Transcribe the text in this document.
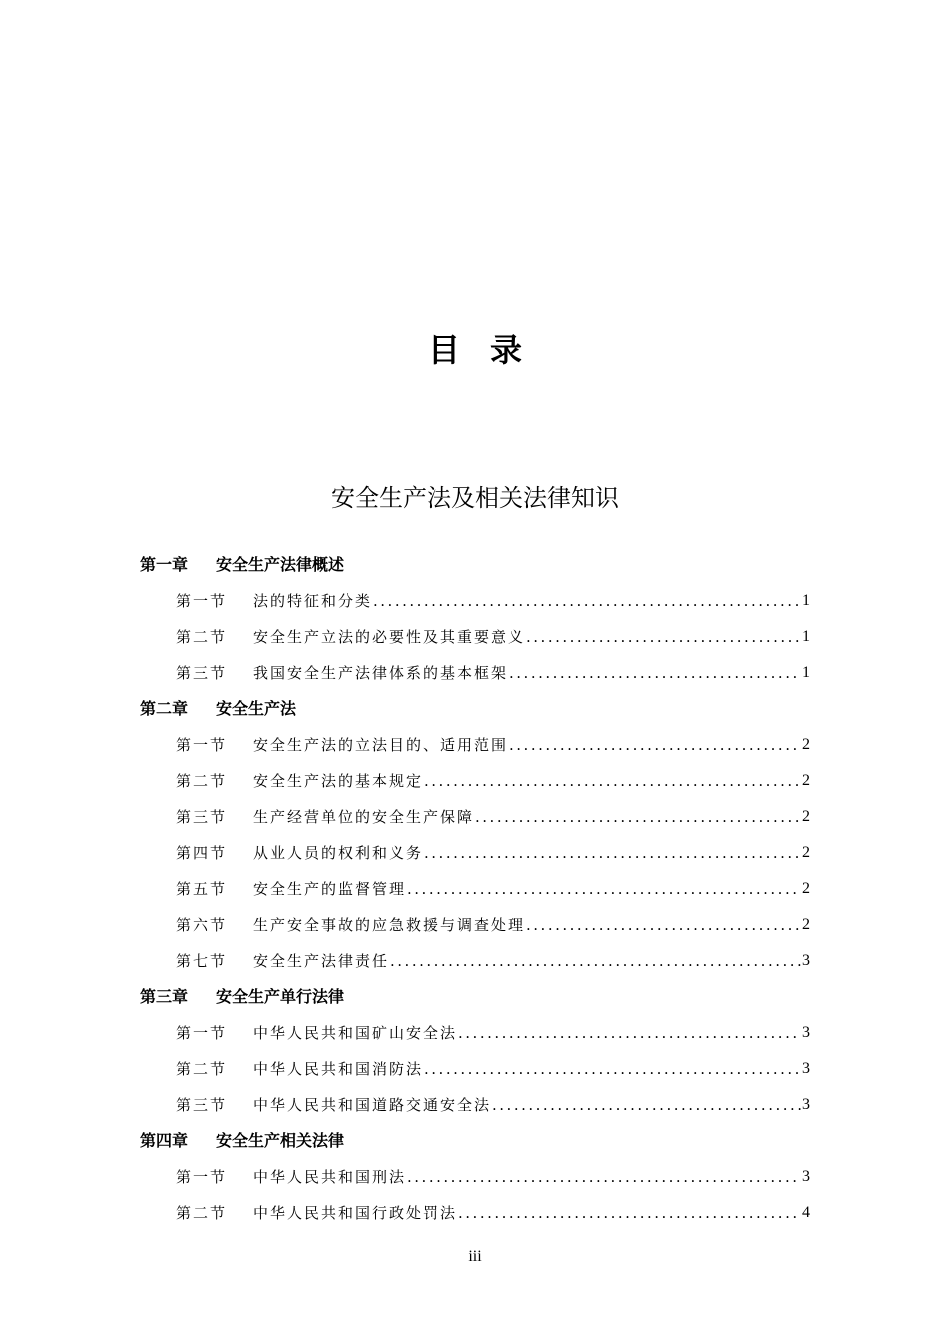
目录
安全生产法及相关法律知识
第一章 安全生产法律概述
第一节	法的特征和分类 .....	1
第二节	安全生产立法的必要性及其重要意义 .....	1
第三节	我国安全生产法律体系的基本框架 .....	1
第二章 安全生产法
第一节	安全生产法的立法目的、适用范围 .....	2
第二节	安全生产法的基本规定 .....	2
第三节	生产经营单位的安全生产保障 .....	2
第四节	从业人员的权利和义务 .....	2
第五节	安全生产的监督管理 .....	2
第六节	生产安全事故的应急救援与调查处理 .....	2
第七节	安全生产法律责任 .....	3
第三章 安全生产单行法律
第一节	中华人民共和国矿山安全法 .....	3
第二节	中华人民共和国消防法 .....	3
第三节	中华人民共和国道路交通安全法 .....	3
第四章 安全生产相关法律
第一节	中华人民共和国刑法 .....	3
第二节	中华人民共和国行政处罚法 .....	4
iii
